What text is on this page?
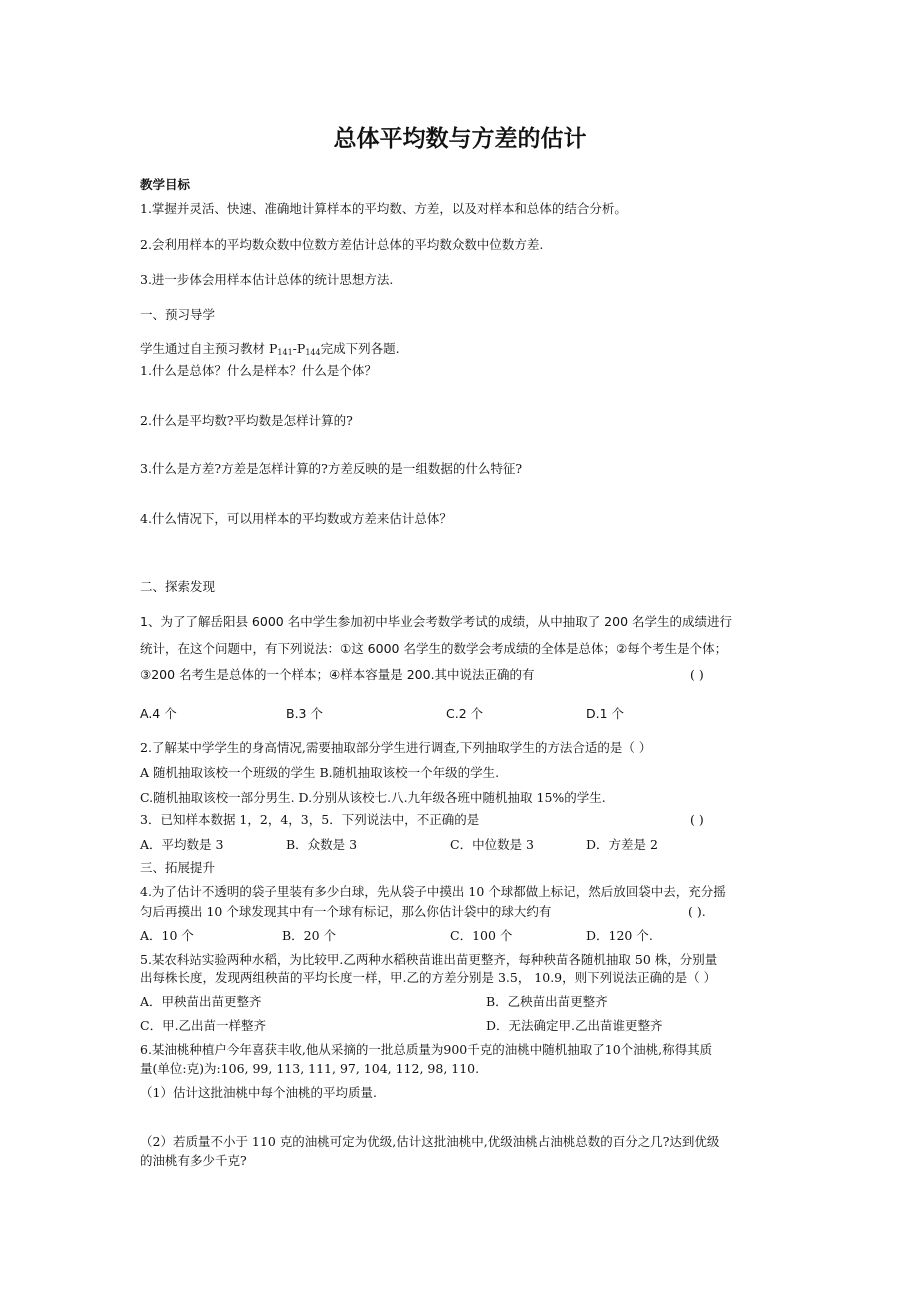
总体平均数与方差的估计
教学目标
1.掌握并灵活、快速、准确地计算样本的平均数、方差，以及对样本和总体的结合分析。
2.会利用样本的平均数众数中位数方差估计总体的平均数众数中位数方差.
3.进一步体会用样本估计总体的统计思想方法.
一、预习导学
学生通过自主预习教材 $P_{141}-P_{144}$完成下列各题.
1.什么是总体？什么是样本？什么是个体？
2.什么是平均数?平均数是怎样计算的?
3.什么是方差?方差是怎样计算的?方差反映的是一组数据的什么特征?
4.什么情况下，可以用样本的平均数或方差来估计总体？
二、探索发现
1、为了了解岳阳县 6000 名中学生参加初中毕业会考数学考试的成绩，从中抽取了 200 名学生的成绩进行
统计，在这个问题中，有下列说法：①这 6000 名学生的数学会考成绩的全体是总体；②每个考生是个体；
③200 名考生是总体的一个样本；④样本容量是 200.其中说法正确的有	( )
A.4 个	B.3 个	C.2 个	D.1 个
2.了解某中学学生的身高情况,需要抽取部分学生进行调查,下列抽取学生的方法合适的是（ ）
A 随机抽取该校一个班级的学生 B.随机抽取该校一个年级的学生.
C.随机抽取该校一部分男生. D.分别从该校七.八.九年级各班中随机抽取 15%的学生.
3．已知样本数据 1，2，4，3，5．下列说法中，不正确的是	( )
A．平均数是 3	B．众数是 3	C．中位数是 3	D．方差是 2
三、拓展提升
4.为了估计不透明的袋子里装有多少白球，先从袋子中摸出 10 个球都做上标记，然后放回袋中去，充分摇
匀后再摸出 10 个球发现其中有一个球有标记，那么你估计袋中的球大约有	( ).
A．10 个	B．20 个	C．100 个	D．120 个.
5.某农科站实验两种水稻，为比较甲.乙两种水稻秧苗谁出苗更整齐，每种秧苗各随机抽取 50 株，分别量
出每株长度，发现两组秧苗的平均长度一样，甲.乙的方差分别是 3.5， 10.9，则下列说法正确的是（ ）
A．甲秧苗出苗更整齐	B．乙秧苗出苗更整齐
C．甲.乙出苗一样整齐	D．无法确定甲.乙出苗谁更整齐
6.某油桃种植户今年喜获丰收,他从采摘的一批总质量为900千克的油桃中随机抽取了10个油桃,称得其质
量(单位:克)为:106, 99, 113, 111, 97, 104, 112, 98, 110.
（1）估计这批油桃中每个油桃的平均质量.
（2）若质量不小于 110 克的油桃可定为优级,估计这批油桃中,优级油桃占油桃总数的百分之几?达到优级
的油桃有多少千克?
